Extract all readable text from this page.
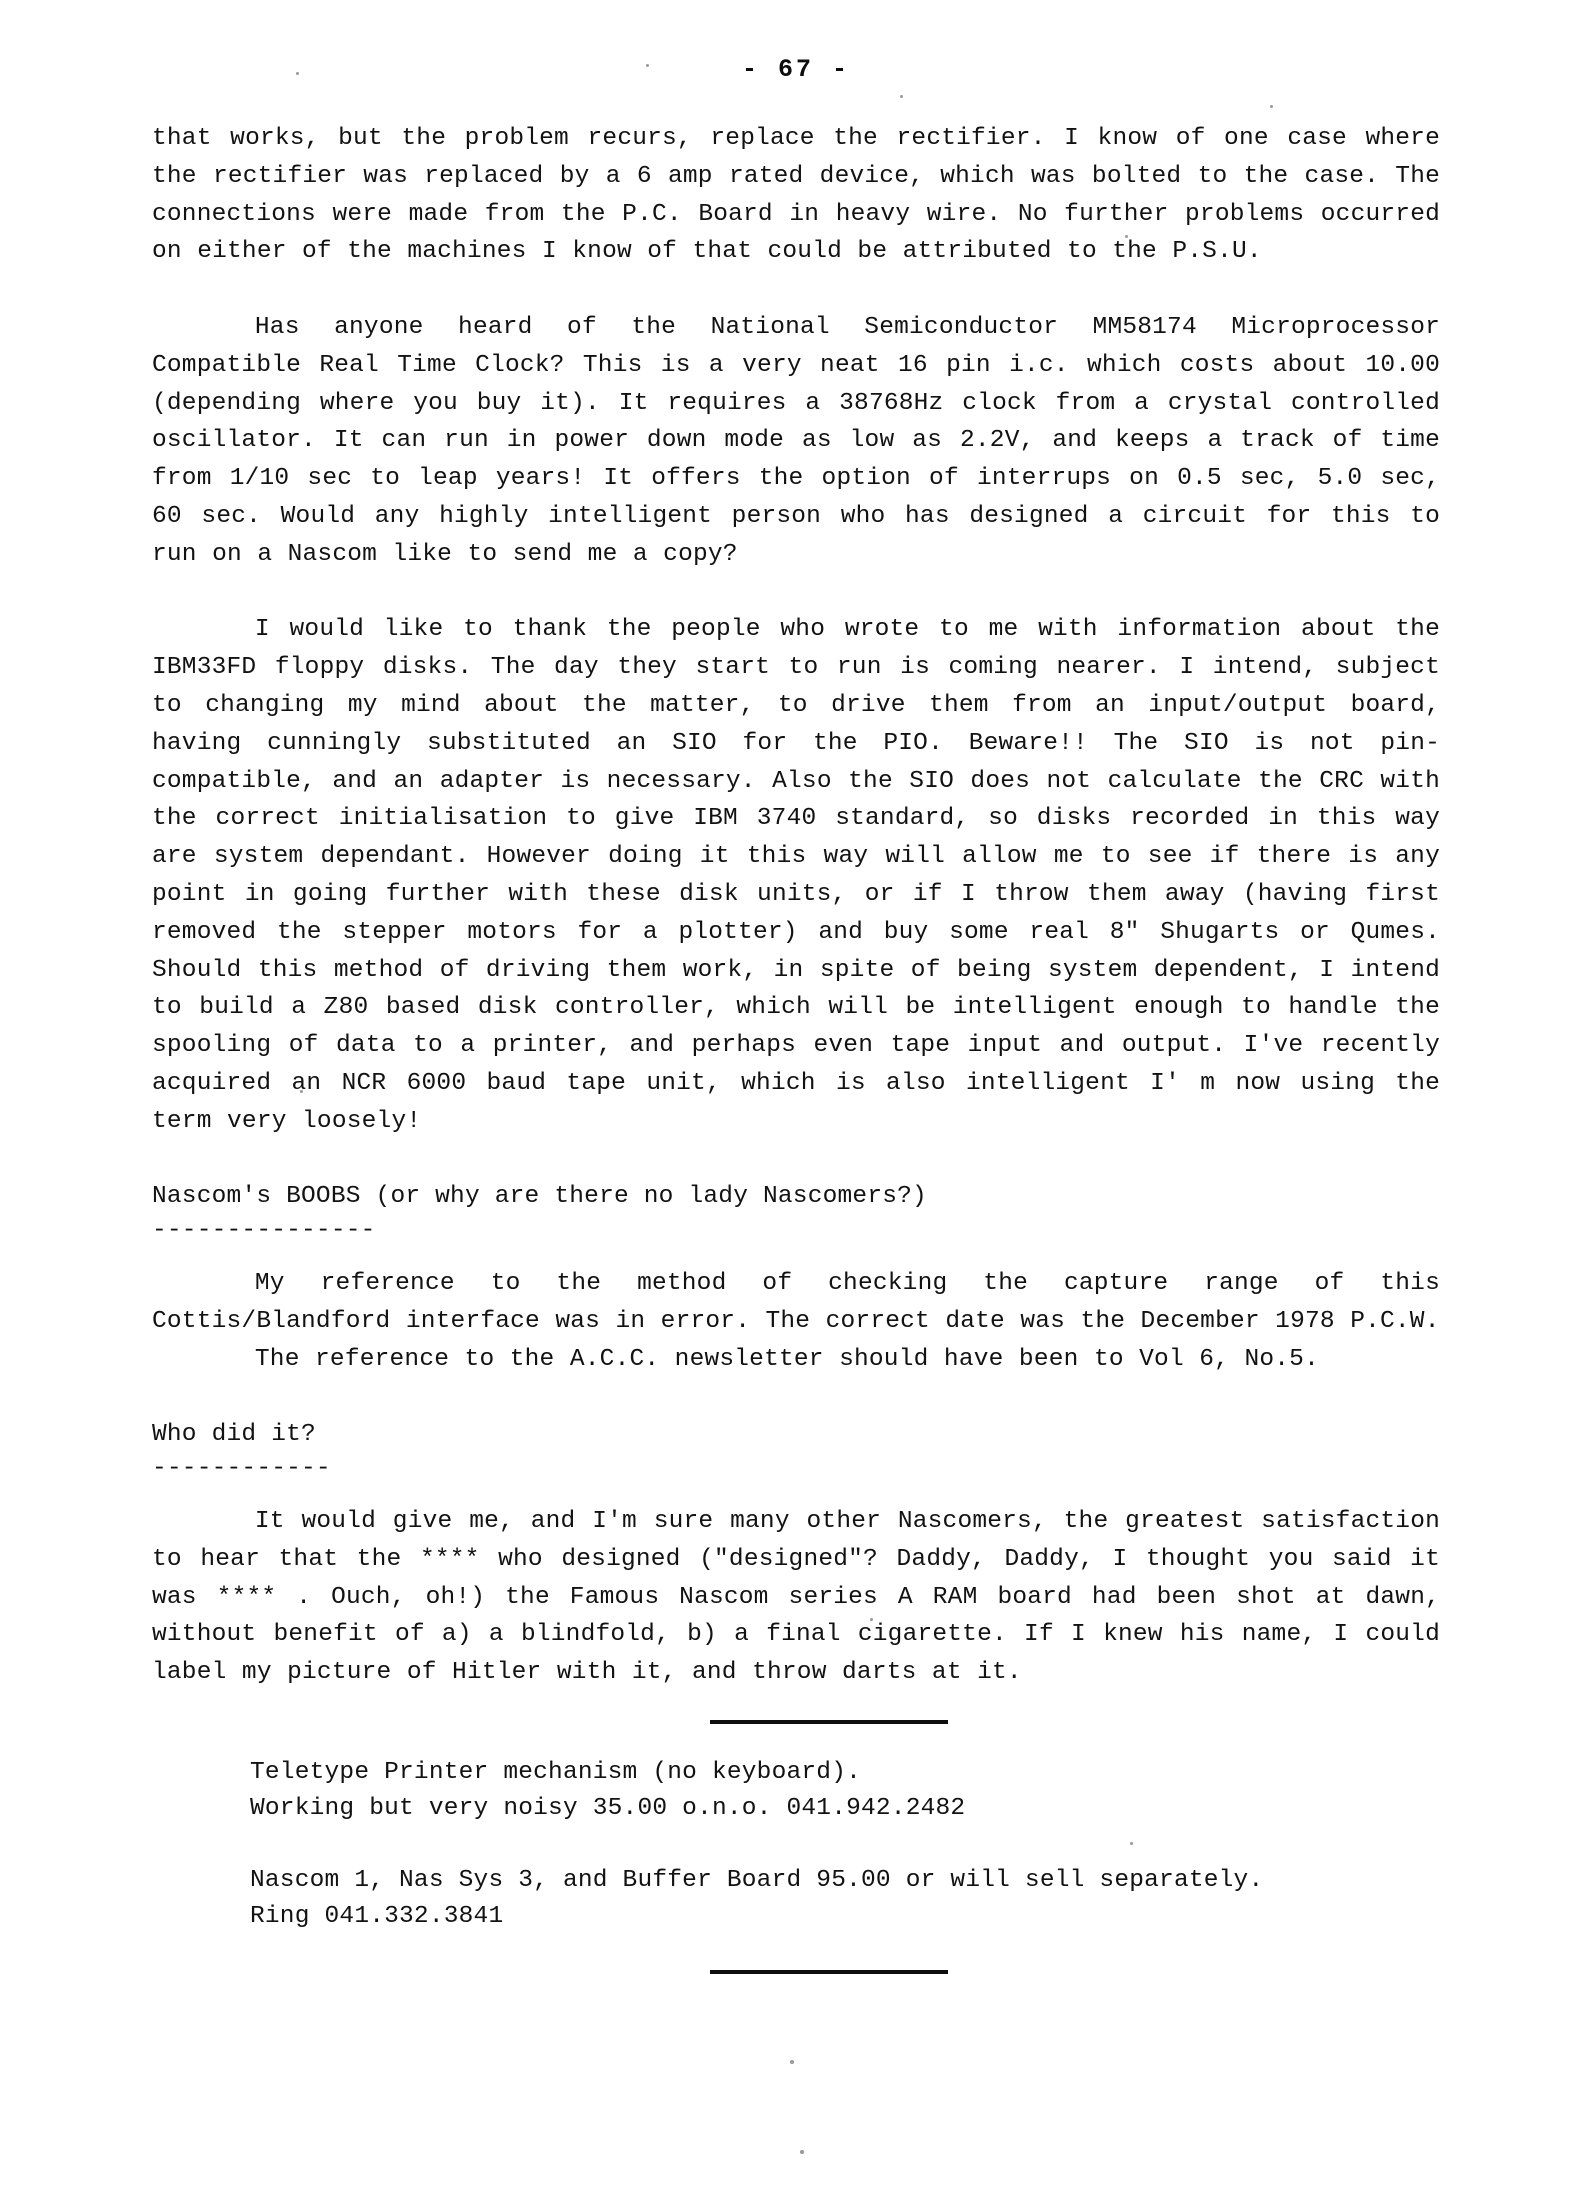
- 67 -

that works, but the problem recurs, replace the rectifier. I know of one case where the rectifier was replaced by a 6 amp rated device, which was bolted to the case. The connections were made from the P.C. Board in heavy wire. No further problems occurred on either of the machines I know of that could be attributed to the P.S.U.

Has anyone heard of the National Semiconductor MM58174 Microprocessor Compatible Real Time Clock? This is a very neat 16 pin i.c. which costs about 10.00 (depending where you buy it). It requires a 38768Hz clock from a crystal controlled oscillator. It can run in power down mode as low as 2.2V, and keeps a track of time from 1/10 sec to leap years! It offers the option of interrups on 0.5 sec, 5.0 sec, 60 sec. Would any highly intelligent person who has designed a circuit for this to run on a Nascom like to send me a copy?

I would like to thank the people who wrote to me with information about the IBM33FD floppy disks. The day they start to run is coming nearer. I intend, subject to changing my mind about the matter, to drive them from an input/output board, having cunningly substituted an SIO for the PIO. Beware!! The SIO is not pin-compatible, and an adapter is necessary. Also the SIO does not calculate the CRC with the correct initialisation to give IBM 3740 standard, so disks recorded in this way are system dependant. However doing it this way will allow me to see if there is any point in going further with these disk units, or if I throw them away (having first removed the stepper motors for a plotter) and buy some real 8" Shugarts or Qumes. Should this method of driving them work, in spite of being system dependent, I intend to build a Z80 based disk controller, which will be intelligent enough to handle the spooling of data to a printer, and perhaps even tape input and output. I've recently acquired an NCR 6000 baud tape unit, which is also intelligent I' m now using the term very loosely!

Nascom's BOOBS (or why are there no lady Nascomers?)
---------------

My reference to the method of checking the capture range of this Cottis/Blandford interface was in error. The correct date was the December 1978 P.C.W.

The reference to the A.C.C. newsletter should have been to Vol 6, No.5.

Who did it?
------------

It would give me, and I'm sure many other Nascomers, the greatest satisfaction to hear that the **** who designed ("designed"? Daddy, Daddy, I thought you said it was **** . Ouch, oh!) the Famous Nascom series A RAM board had been shot at dawn, without benefit of a) a blindfold, b) a final cigarette. If I knew his name, I could label my picture of Hitler with it, and throw darts at it.

Teletype Printer mechanism (no keyboard).
Working but very noisy 35.00 o.n.o. 041.942.2482
Nascom 1, Nas Sys 3, and Buffer Board 95.00 or will sell separately.
Ring 041.332.3841
